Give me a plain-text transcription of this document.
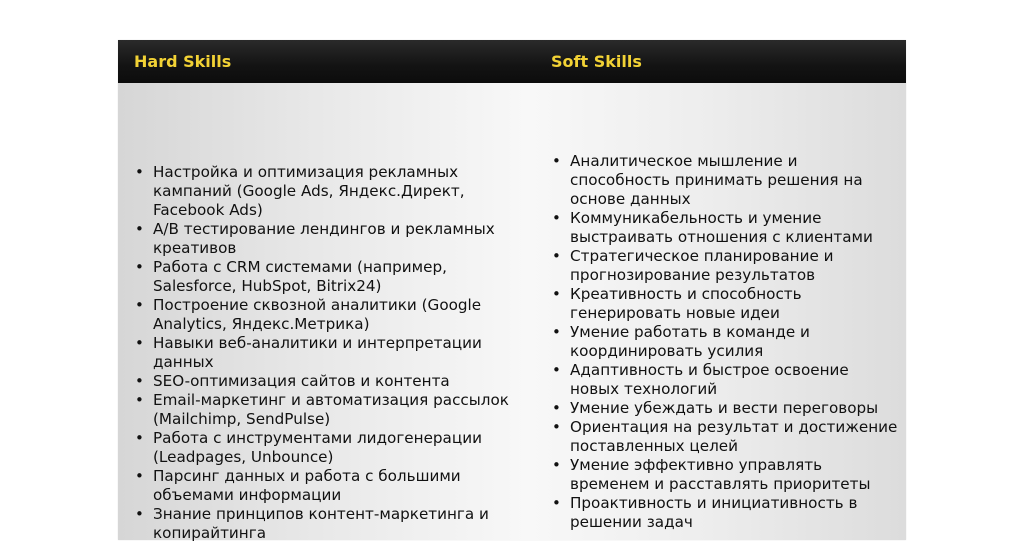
Hard Skills	Soft Skills
• Настройка и оптимизация рекламных кампаний (Google Ads, Яндекс.Директ, Facebook Ads)
• A/B тестирование лендингов и рекламных креативов
• Работа с CRM системами (например, Salesforce, HubSpot, Bitrix24)
• Построение сквозной аналитики (Google Analytics, Яндекс.Метрика)
• Навыки веб-аналитики и интерпретации данных
• SEO-оптимизация сайтов и контента
• Email-маркетинг и автоматизация рассылок (Mailchimp, SendPulse)
• Работа с инструментами лидогенерации (Leadpages, Unbounce)
• Парсинг данных и работа с большими объемами информации
• Знание принципов контент-маркетинга и копирайтинга
• Аналитическое мышление и способность принимать решения на основе данных
• Коммуникабельность и умение выстраивать отношения с клиентами
• Стратегическое планирование и прогнозирование результатов
• Креативность и способность генерировать новые идеи
• Умение работать в команде и координировать усилия
• Адаптивность и быстрое освоение новых технологий
• Умение убеждать и вести переговоры
• Ориентация на результат и достижение поставленных целей
• Умение эффективно управлять временем и расставлять приоритеты
• Проактивность и инициативность в решении задач
